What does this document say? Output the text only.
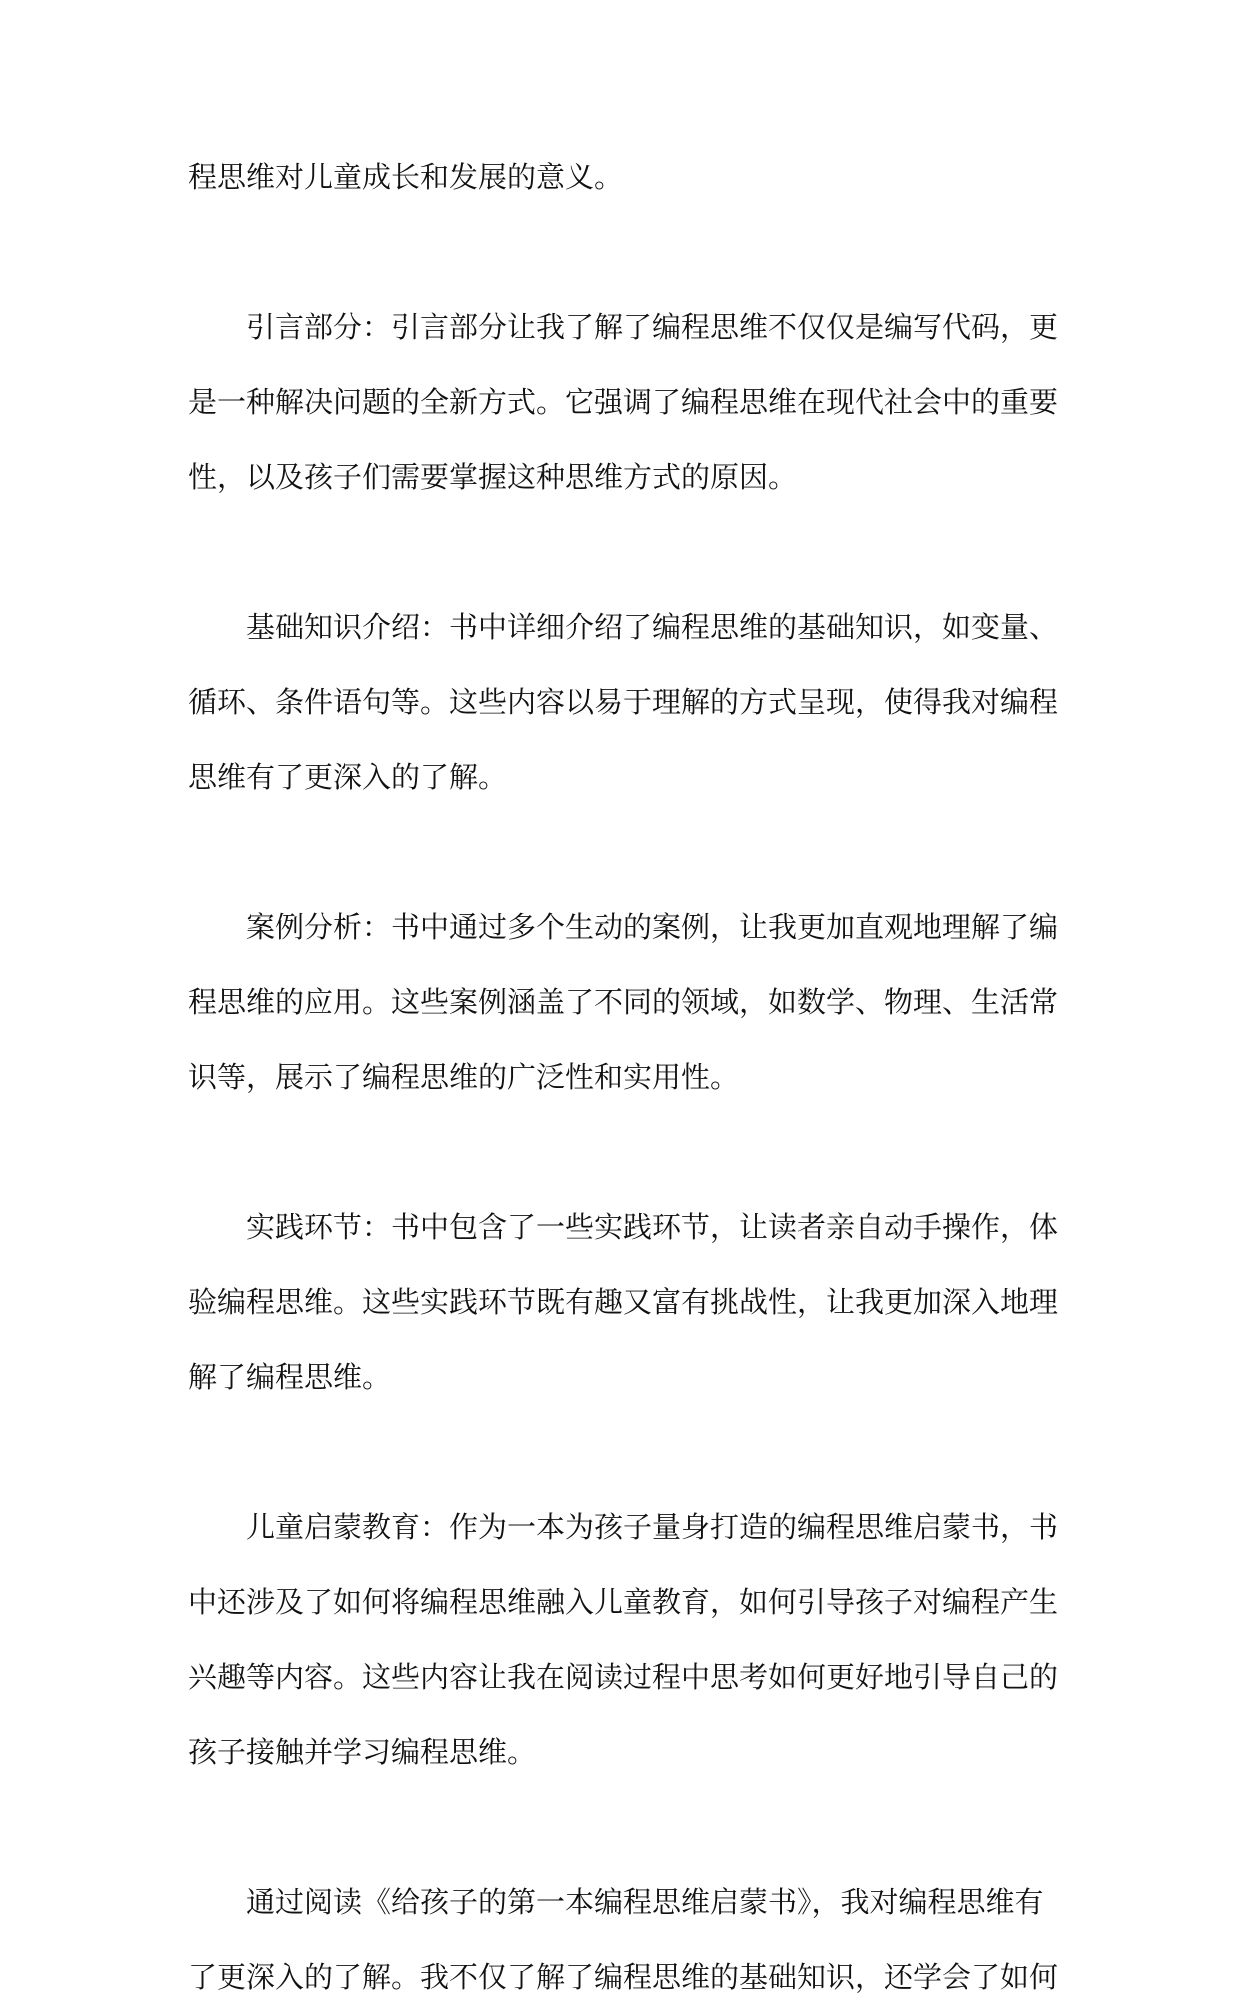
程思维对儿童成长和发展的意义。
引言部分：引言部分让我了解了编程思维不仅仅是编写代码，更
是一种解决问题的全新方式。它强调了编程思维在现代社会中的重要
性，以及孩子们需要掌握这种思维方式的原因。
基础知识介绍：书中详细介绍了编程思维的基础知识，如变量、
循环、条件语句等。这些内容以易于理解的方式呈现，使得我对编程
思维有了更深入的了解。
案例分析：书中通过多个生动的案例，让我更加直观地理解了编
程思维的应用。这些案例涵盖了不同的领域，如数学、物理、生活常
识等，展示了编程思维的广泛性和实用性。
实践环节：书中包含了一些实践环节，让读者亲自动手操作，体
验编程思维。这些实践环节既有趣又富有挑战性，让我更加深入地理
解了编程思维。
儿童启蒙教育：作为一本为孩子量身打造的编程思维启蒙书，书
中还涉及了如何将编程思维融入儿童教育，如何引导孩子对编程产生
兴趣等内容。这些内容让我在阅读过程中思考如何更好地引导自己的
孩子接触并学习编程思维。
通过阅读《给孩子的第一本编程思维启蒙书》，我对编程思维有
了更深入的了解。我不仅了解了编程思维的基础知识，还学会了如何
